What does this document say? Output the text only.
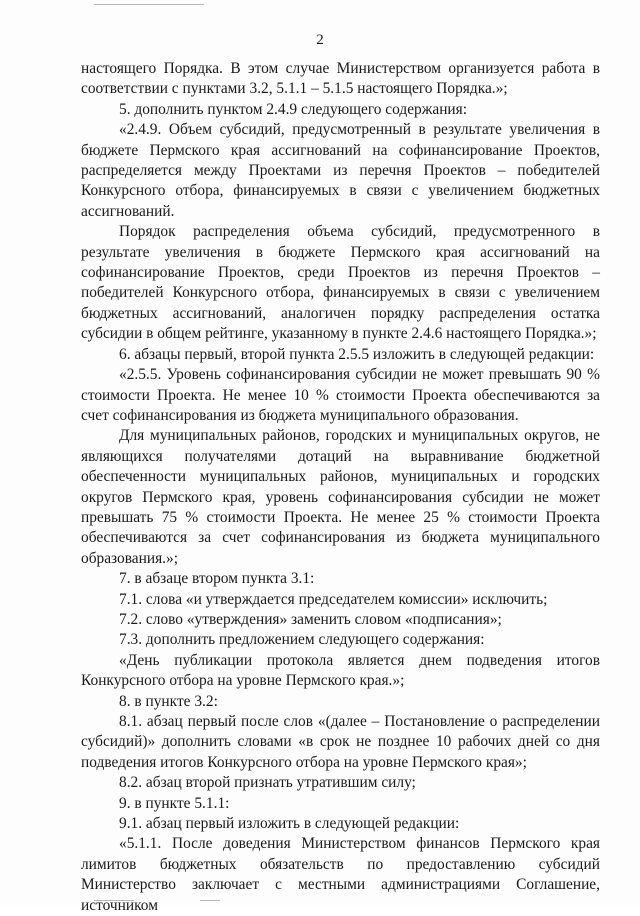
2

настоящего Порядка. В этом случае Министерством организуется работа в соответствии с пунктами 3.2, 5.1.1 – 5.1.5 настоящего Порядка.»;

5. дополнить пунктом 2.4.9 следующего содержания:

«2.4.9. Объем субсидий, предусмотренный в результате увеличения в бюджете Пермского края ассигнований на софинансирование Проектов, распределяется между Проектами из перечня Проектов – победителей Конкурсного отбора, финансируемых в связи с увеличением бюджетных ассигнований.

Порядок распределения объема субсидий, предусмотренного в результате увеличения в бюджете Пермского края ассигнований на софинансирование Проектов, среди Проектов из перечня Проектов – победителей Конкурсного отбора, финансируемых в связи с увеличением бюджетных ассигнований, аналогичен порядку распределения остатка субсидии в общем рейтинге, указанному в пункте 2.4.6 настоящего Порядка.»;

6. абзацы первый, второй пункта 2.5.5 изложить в следующей редакции:

«2.5.5. Уровень софинансирования субсидии не может превышать 90 % стоимости Проекта. Не менее 10 % стоимости Проекта обеспечиваются за счет софинансирования из бюджета муниципального образования.

Для муниципальных районов, городских и муниципальных округов, не являющихся получателями дотаций на выравнивание бюджетной обеспеченности муниципальных районов, муниципальных и городских округов Пермского края, уровень софинансирования субсидии не может превышать 75 % стоимости Проекта. Не менее 25 % стоимости Проекта обеспечиваются за счет софинансирования из бюджета муниципального образования.»;

7. в абзаце втором пункта 3.1:

7.1. слова «и утверждается председателем комиссии» исключить;

7.2. слово «утверждения» заменить словом «подписания»;

7.3. дополнить предложением следующего содержания:

«День публикации протокола является днем подведения итогов Конкурсного отбора на уровне Пермского края.»;

8. в пункте 3.2:

8.1. абзац первый после слов «(далее – Постановление о распределении субсидий)» дополнить словами «в срок не позднее 10 рабочих дней со дня подведения итогов Конкурсного отбора на уровне Пермского края»;

8.2. абзац второй признать утратившим силу;

9. в пункте 5.1.1:

9.1. абзац первый изложить в следующей редакции:

«5.1.1. После доведения Министерством финансов Пермского края лимитов бюджетных обязательств по предоставлению субсидий Министерство заключает с местными администрациями Соглашение, источником
